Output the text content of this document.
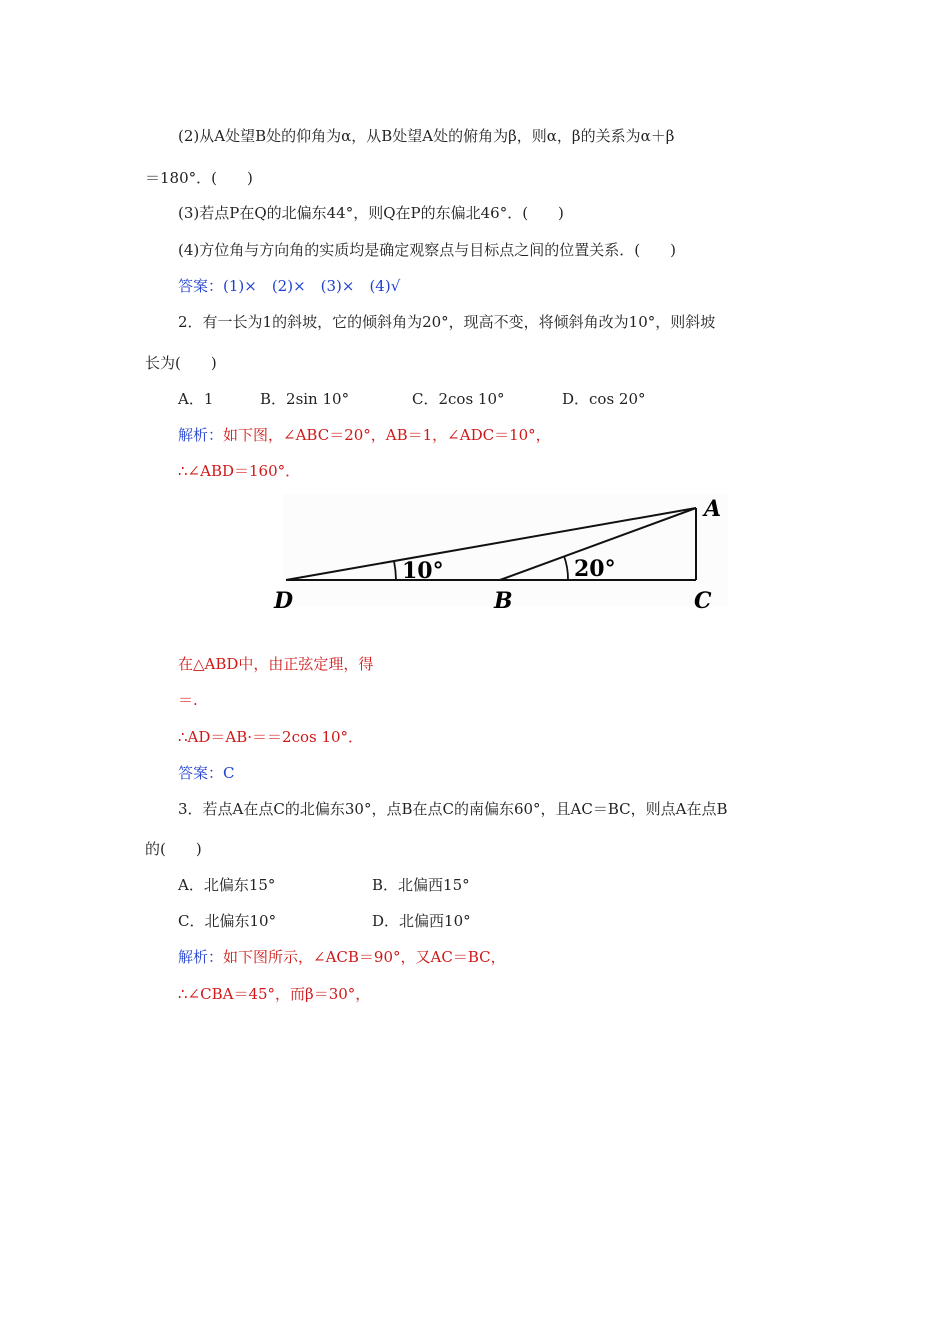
(2)从A处望B处的仰角为α，从B处望A处的俯角为β，则α，β的关系为α＋β
＝180°．(　　)
(3)若点P在Q的北偏东44°，则Q在P的东偏北46°．(　　)
(4)方位角与方向角的实质均是确定观察点与目标点之间的位置关系．(　　)
答案：(1)×　(2)×　(3)×　(4)√
2．有一长为1的斜坡，它的倾斜角为20°，现高不变，将倾斜角改为10°，则斜坡
长为(　　)
A．1	B．2sin 10°	C．2cos 10°	D．cos 20°
解析：如下图，∠ABC＝20°，AB＝1，∠ADC＝10°，
∴∠ABD＝160°．
A
B	C
D
10°	20°
在△ABD中，由正弦定理，得
＝.
∴AD＝AB·＝＝2cos 10°．
答案：C
3．若点A在点C的北偏东30°，点B在点C的南偏东60°，且AC＝BC，则点A在点B
的(　　)
A．北偏东15°	B．北偏西15°
C．北偏东10°	D．北偏西10°
解析：如下图所示，∠ACB＝90°，又AC＝BC，
∴∠CBA＝45°，而β＝30°，
